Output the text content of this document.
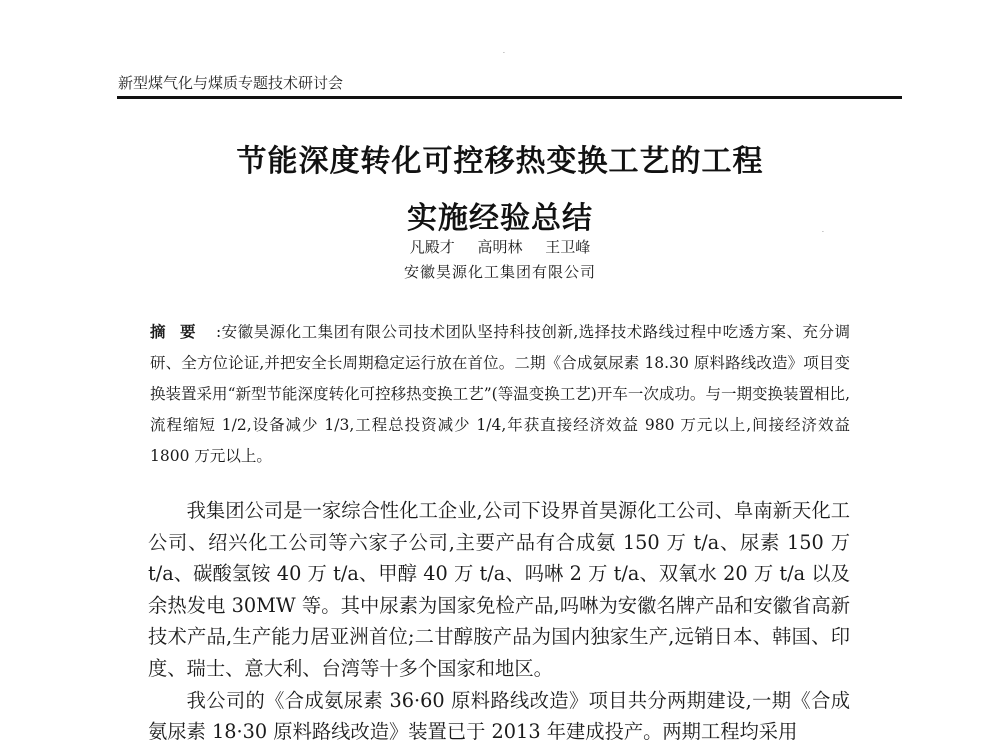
新型煤气化与煤质专题技术研讨会
·
·
节能深度转化可控移热变换工艺的工程
实施经验总结
凡殿才 高明林 王卫峰
安徽昊源化工集团有限公司

摘要 :安徽昊源化工集团有限公司技术团队坚持科技创新,选择技术路线过程中吃透方案、充分调研、全方位论证,并把安全长周期稳定运行放在首位。二期《合成氨尿素 18.30 原料路线改造》项目变换装置采用“新型节能深度转化可控移热变换工艺”(等温变换工艺)开车一次成功。与一期变换装置相比,流程缩短 1/2,设备减少 1/3,工程总投资减少 1/4,年获直接经济效益 980 万元以上,间接经济效益 1800 万元以上。

我集团公司是一家综合性化工企业,公司下设界首昊源化工公司、阜南新天化工公司、绍兴化工公司等六家子公司,主要产品有合成氨 150 万 t/a、尿素 150 万 t/a、碳酸氢铵 40 万 t/a、甲醇 40 万 t/a、吗啉 2 万 t/a、双氧水 20 万 t/a 以及余热发电 30MW 等。其中尿素为国家免检产品,吗啉为安徽名牌产品和安徽省高新技术产品,生产能力居亚洲首位;二甘醇胺产品为国内独家生产,远销日本、韩国、印度、瑞士、意大利、台湾等十多个国家和地区。

我公司的《合成氨尿素 36·60 原料路线改造》项目共分两期建设,一期《合成氨尿素 18·30 原料路线改造》装置已于 2013 年建成投产。两期工程均采用
